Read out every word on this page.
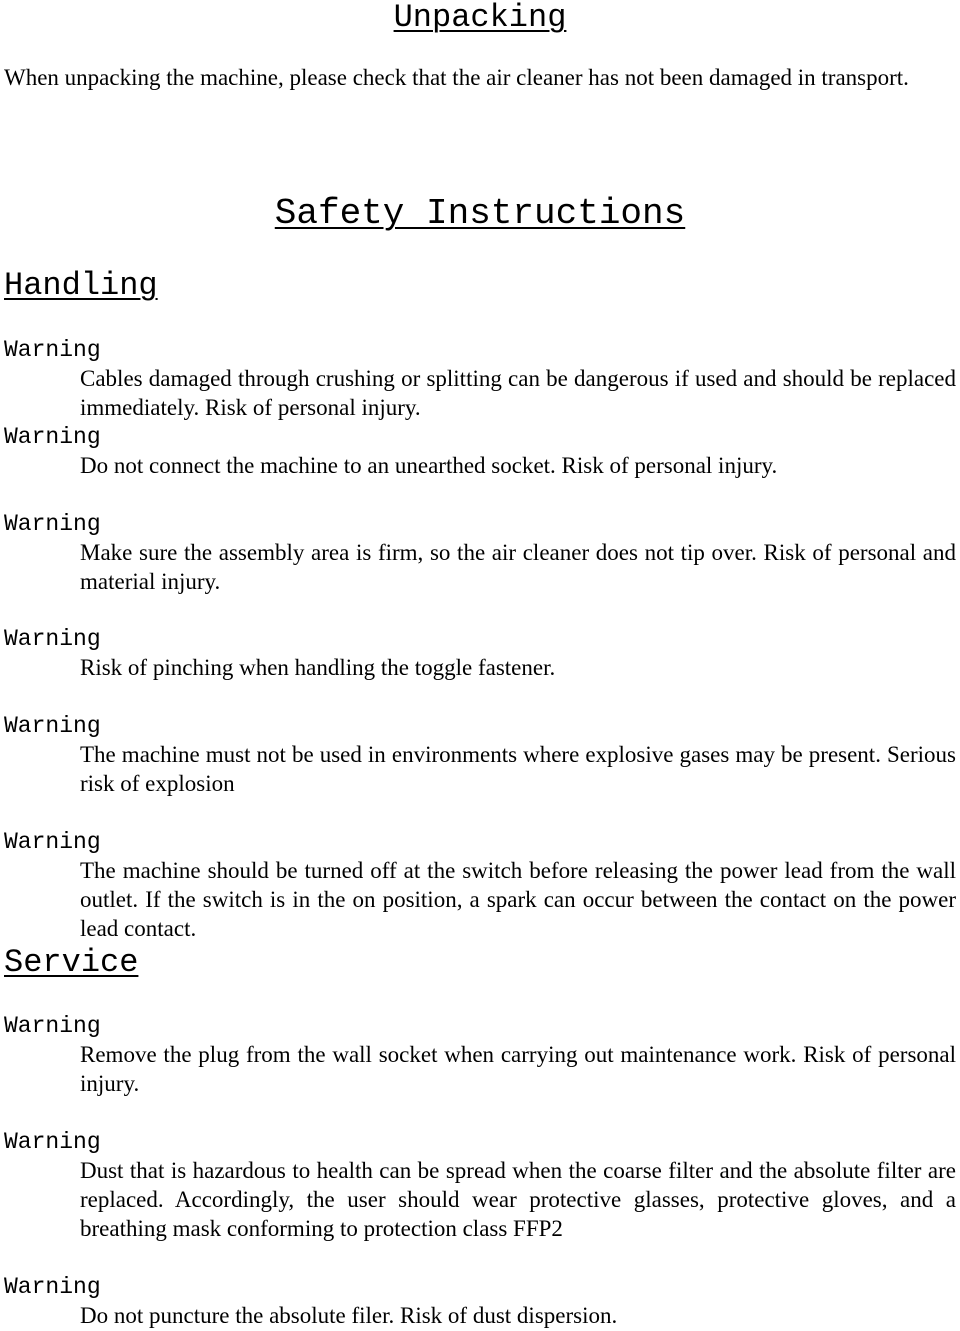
Unpacking

When unpacking the machine, please check that the air cleaner has not been damaged in transport.

Safety Instructions
Handling
Warning

Cables damaged through crushing or splitting can be dangerous if used and should be replaced immediately. Risk of personal injury.

Warning

Do not connect the machine to an unearthed socket. Risk of personal injury.

Warning

Make sure the assembly area is firm, so the air cleaner does not tip over. Risk of personal and material injury.

Warning

Risk of pinching when handling the toggle fastener.

Warning

The machine must not be used in environments where explosive gases may be present. Serious risk of explosion

Warning

The machine should be turned off at the switch before releasing the power lead from the wall outlet. If the switch is in the on position, a spark can occur between the contact on the power lead contact.

Service
Warning

Remove the plug from the wall socket when carrying out maintenance work. Risk of personal injury.

Warning

Dust that is hazardous to health can be spread when the coarse filter and the absolute filter are replaced. Accordingly, the user should wear protective glasses, protective gloves, and a breathing mask conforming to protection class FFP2

Warning

Do not puncture the absolute filer. Risk of dust dispersion.
